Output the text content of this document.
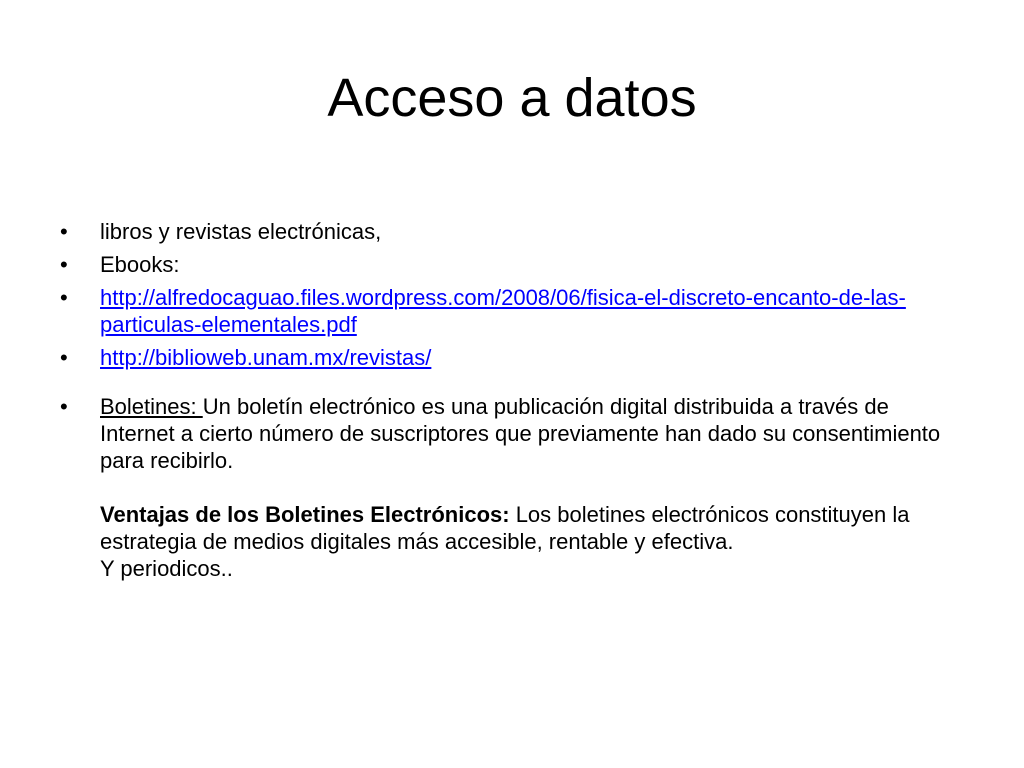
Acceso a datos
•	libros y revistas electrónicas,
•	Ebooks:
•	http://alfredocaguao.files.wordpress.com/2008/06/fisica-el-discreto-encanto-de-las-particulas-elementales.pdf
•	http://biblioweb.unam.mx/revistas/
•	Boletines: Un boletín electrónico es una publicación digital distribuida a través de Internet a cierto número de suscriptores que previamente han dado su consentimiento para recibirlo.
Ventajas de los Boletines Electrónicos: Los boletines electrónicos constituyen la estrategia de medios digitales más accesible, rentable y efectiva.
Y periodicos..
